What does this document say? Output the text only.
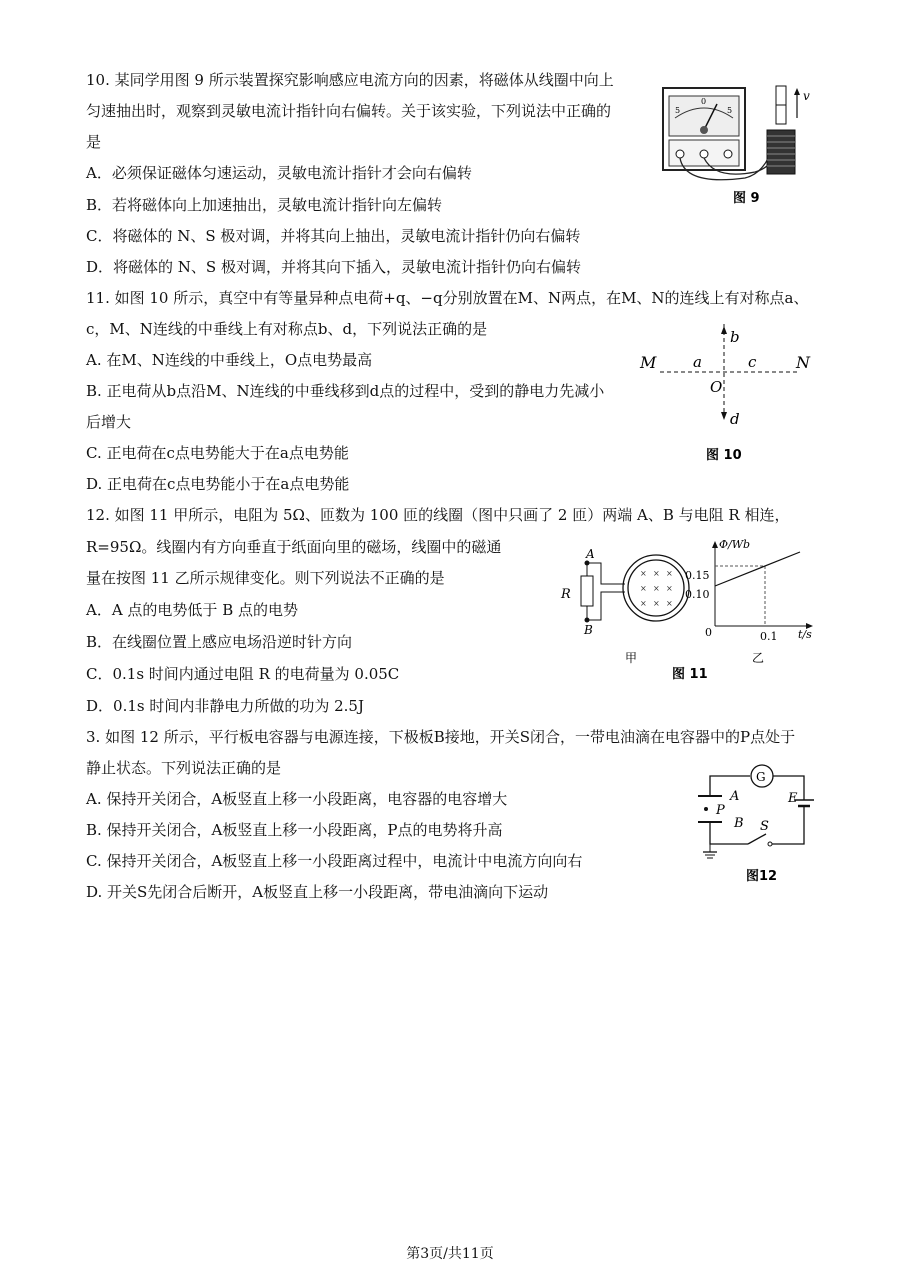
10. 某同学用图 9 所示装置探究影响感应电流方向的因素，将磁体从线圈中向上
匀速抽出时，观察到灵敏电流计指针向右偏转。关于该实验，下列说法中正确的
是
A．必须保证磁体匀速运动，灵敏电流计指针才会向右偏转
B．若将磁体向上加速抽出，灵敏电流计指针向左偏转
C．将磁体的 N、S 极对调，并将其向上抽出，灵敏电流计指针仍向右偏转
D．将磁体的 N、S 极对调，并将其向下插入，灵敏电流计指针仍向右偏转
5
0
5
v
图 9
11. 如图 10 所示，真空中有等量异种点电荷+q、−q分别放置在M、N两点，在M、N的连线上有对称点a、
c，M、N连线的中垂线上有对称点b、d，下列说法正确的是
A. 在M、N连线的中垂线上，O点电势最高
B. 正电荷从b点沿M、N连线的中垂线移到d点的过程中，受到的静电力先减小
后增大
C. 正电荷在c点电势能大于在a点电势能
D. 正电荷在c点电势能小于在a点电势能
M a
O
c N
b
d
图 10
12. 如图 11 甲所示，电阻为 5Ω、匝数为 100 匝的线圈（图中只画了 2 匝）两端 A、B 与电阻 R 相连，
R=95Ω。线圈内有方向垂直于纸面向里的磁场，线圈中的磁通
量在按图 11 乙所示规律变化。则下列说法不正确的是
A．A 点的电势低于 B 点的电势
B．在线圈位置上感应电场沿逆时针方向
C．0.1s 时间内通过电阻 R 的电荷量为 0.05C
D．0.1s 时间内非静电力所做的功为 2.5J
A
B
R
× × ×
× × ×
× × ×
甲
Φ/Wb
t/s
0
0.15
0.10
0.1
乙
图 11
3. 如图 12 所示，平行板电容器与电源连接，下极板B接地，开关S闭合，一带电油滴在电容器中的P点处于
静止状态。下列说法正确的是
A. 保持开关闭合，A板竖直上移一小段距离，电容器的电容增大
B. 保持开关闭合，A板竖直上移一小段距离，P点的电势将升高
C. 保持开关闭合，A板竖直上移一小段距离过程中，电流计中电流方向向右
D. 开关S先闭合后断开，A板竖直上移一小段距离，带电油滴向下运动
G
E
A
P
B S
图12
第3页/共11页
